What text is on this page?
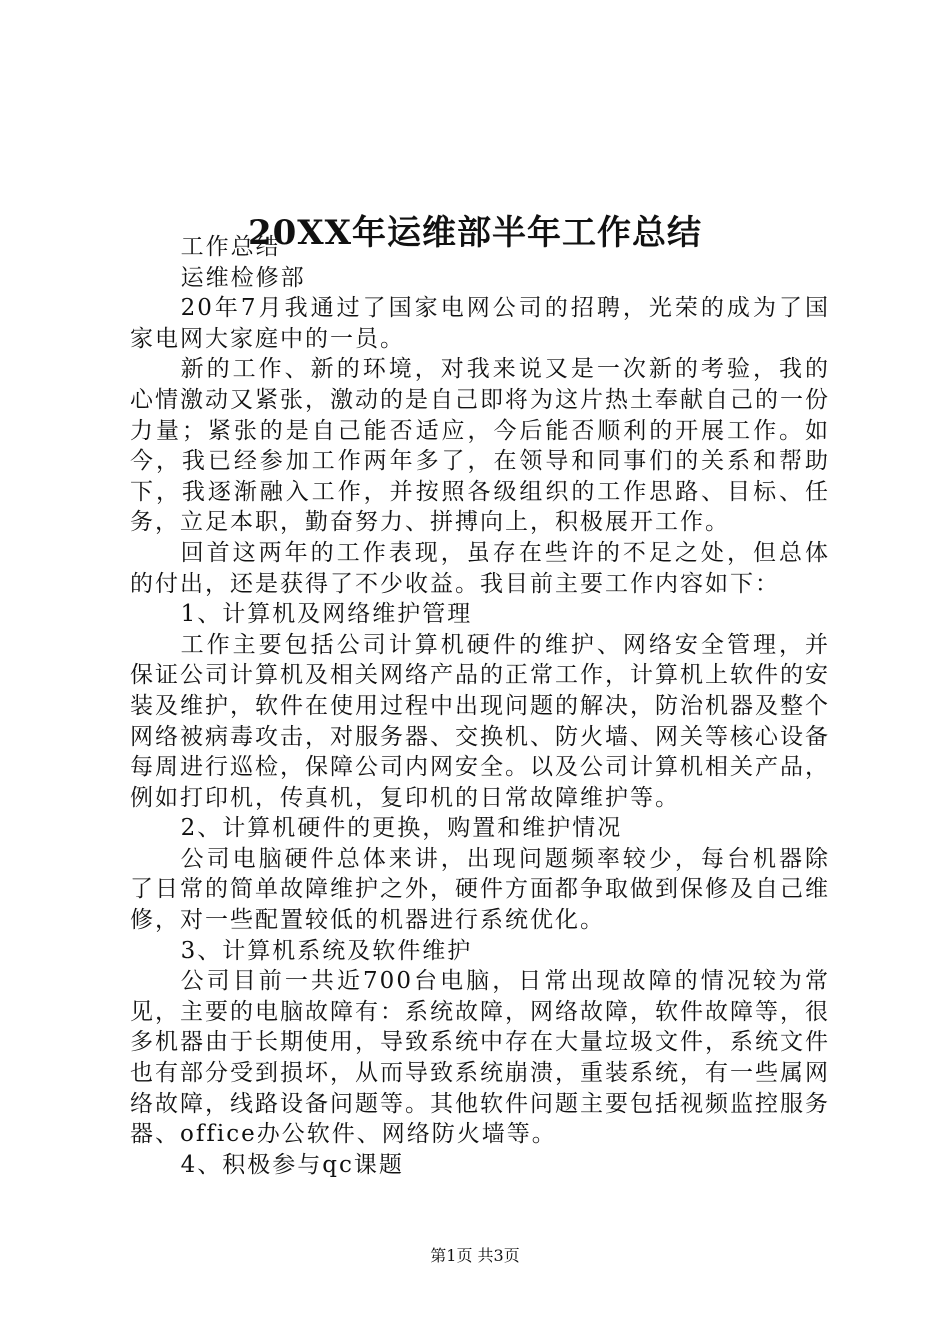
20XX年运维部半年工作总结

工作总结

运维检修部

20年7月我通过了国家电网公司的招聘，光荣的成为了国家电网大家庭中的一员。

新的工作、新的环境，对我来说又是一次新的考验，我的心情激动又紧张，激动的是自己即将为这片热土奉献自己的一份力量；紧张的是自己能否适应，今后能否顺利的开展工作。如今，我已经参加工作两年多了，在领导和同事们的关系和帮助下，我逐渐融入工作，并按照各级组织的工作思路、目标、任务，立足本职，勤奋努力、拼搏向上，积极展开工作。

回首这两年的工作表现，虽存在些许的不足之处，但总体的付出，还是获得了不少收益。我目前主要工作内容如下：

1、计算机及网络维护管理

工作主要包括公司计算机硬件的维护、网络安全管理，并保证公司计算机及相关网络产品的正常工作，计算机上软件的安装及维护，软件在使用过程中出现问题的解决，防治机器及整个网络被病毒攻击，对服务器、交换机、防火墙、网关等核心设备每周进行巡检，保障公司内网安全。以及公司计算机相关产品，例如打印机，传真机，复印机的日常故障维护等。

2、计算机硬件的更换，购置和维护情况

公司电脑硬件总体来讲，出现问题频率较少，每台机器除了日常的简单故障维护之外，硬件方面都争取做到保修及自己维修，对一些配置较低的机器进行系统优化。

3、计算机系统及软件维护

公司目前一共近700台电脑，日常出现故障的情况较为常见，主要的电脑故障有：系统故障，网络故障，软件故障等，很多机器由于长期使用，导致系统中存在大量垃圾文件，系统文件也有部分受到损坏，从而导致系统崩溃，重装系统，有一些属网络故障，线路设备问题等。其他软件问题主要包括视频监控服务器、office办公软件、网络防火墙等。

4、积极参与qc课题

第1页 共3页
